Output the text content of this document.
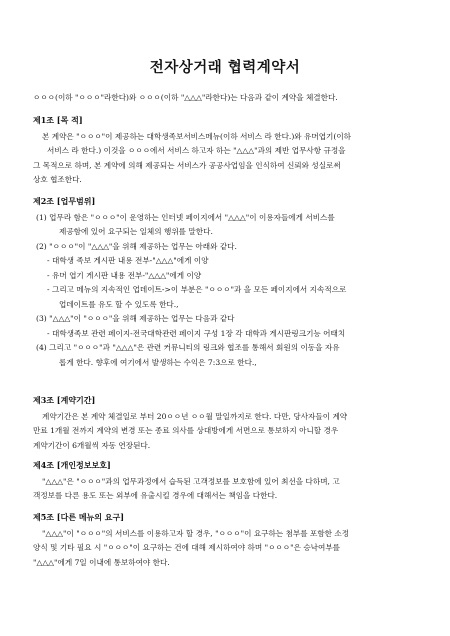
전자상거래 협력계약서
ㅇㅇㅇ(이하 "ㅇㅇㅇ"라한다)와 ㅇㅇㅇ(이하 "△△△"라한다)는 다음과 같이 계약을 체결한다.
제1조 [목 적]
본 계약은 "ㅇㅇㅇ"이 제공하는 대학생족보서비스메뉴(이하 서비스 라 한다.)와 유머엽기(이하
서비스 라 한다.) 이것을 ㅇㅇㅇ에서 서비스 하고자 하는 "△△△"과의 제반 업무사항 규정을
그 목적으로 하며, 본 계약에 의해 제공되는 서비스가 공공사업임을 인식하여 신뢰와 성실로써
상호 협조한다.
제2조 [업무범위]
(1) 업무라 함은 "ㅇㅇㅇ"이 운영하는 인터넷 페이지에서 "△△△"이 이용자들에게 서비스를
제공함에 있어 요구되는 일체의 행위를 말한다.
(2) "ㅇㅇㅇ"이 "△△△"을 위해 제공하는 업무는 아래와 같다.
- 대학생 족보 게시판 내용 전부-"△△△"에게 이양
- 유머 엽기 게시판 내용 전부-"△△△"에게 이양
- 그리고 메뉴의 지속적인 업데이트->이 부분은 "ㅇㅇㅇ"과 을 모든 페이지에서 지속적으로
업데이트를 유도 할 수 있도록 한다.,
(3) "△△△"이 "ㅇㅇㅇ"을 위해 제공하는 업무는 다음과 같다
- 대학생족보 관련 페이지-전국대학관련 페이지 구성 1장 각 대학과 게시판링크기능 어태치
(4) 그리고 "ㅇㅇㅇ"과 "△△△"은 관련 커뮤니티의 링크와 협조를 통해서 회원의 이동을 자유
롭게 한다. 향후에 여기에서 발생하는 수익은 7:3으로 한다.,
제3조 [계약기간]
계약기간은 본 계약 체결일로 부터 20ㅇㅇ년 ㅇㅇ월 말일까지로 한다. 다만, 당사자들이 계약
만료 1개월 전까지 계약의 변경 또는 종료 의사를 상대방에게 서면으로 통보하지 아니할 경우
계약기간이 6개월씩 자동 연장된다.
제4조 [개인정보보호]
"△△△"은 "ㅇㅇㅇ"과의 업무과정에서 습득된 고객정보를 보호함에 있어 최선을 다하며, 고
객정보를 다른 용도 또는 외부에 유출시킬 경우에 대해서는 책임을 다한다.
제5조 [다른 메뉴의 요구]
"△△△"이 "ㅇㅇㅇ"의 서비스를 이용하고자 할 경우, "ㅇㅇㅇ"이 요구하는 첨부를 포함한 소정
양식 및 기타 필요 시 "ㅇㅇㅇ"이 요구하는 건에 대해 제시하여야 하며 "ㅇㅇㅇ"은 승낙여부를
"△△△"에게 7일 이내에 통보하여야 한다.
